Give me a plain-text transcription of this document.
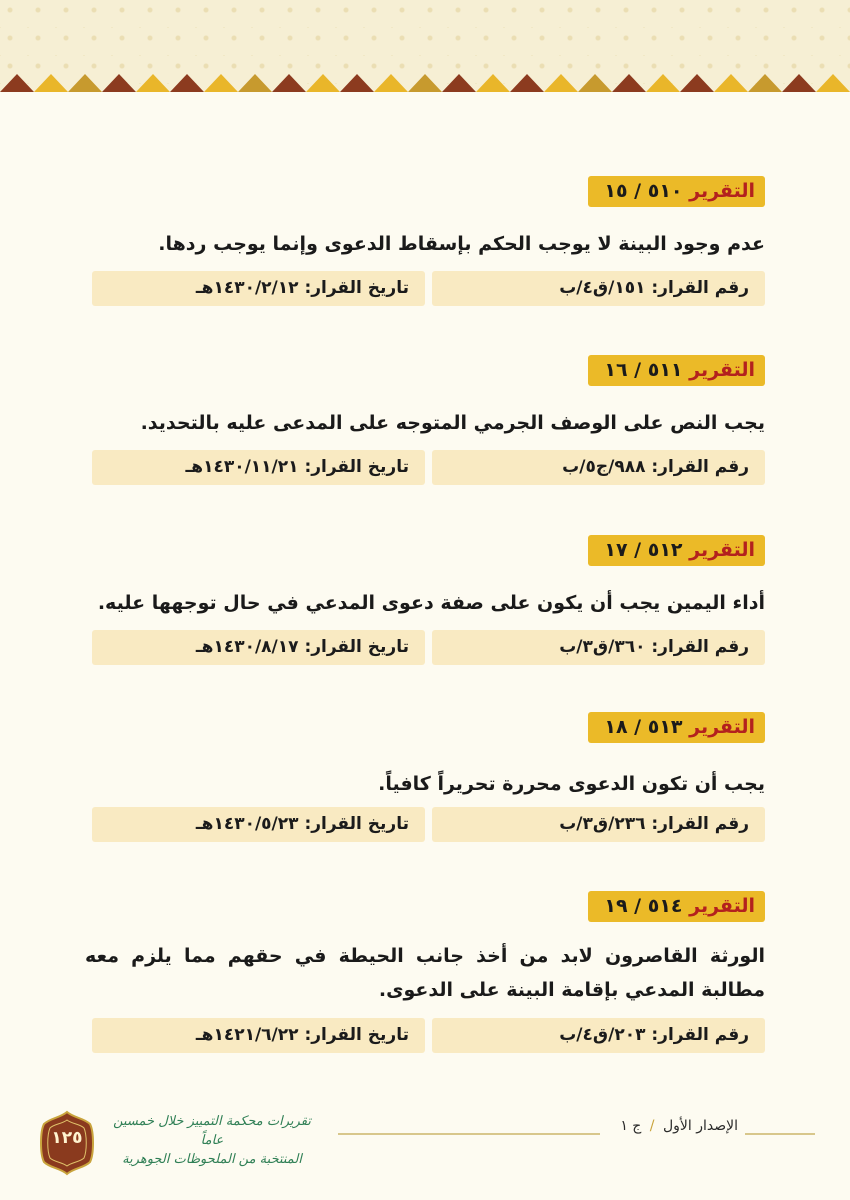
التقرير ٥١٠ / ١٥
عدم وجود البينة لا يوجب الحكم بإسقاط الدعوى وإنما يوجب ردها.
رقم القرار: ١٥١/ق٤/ب
تاريخ القرار: ١٤٣٠/٢/١٢هـ
التقرير ٥١١ / ١٦
يجب النص على الوصف الجرمي المتوجه على المدعى عليه بالتحديد.
رقم القرار: ٩٨٨/ج٥/ب
تاريخ القرار: ١٤٣٠/١١/٢١هـ
التقرير ٥١٢ / ١٧
أداء اليمين يجب أن يكون على صفة دعوى المدعي في حال توجهها عليه.
رقم القرار: ٣٦٠/ق٣/ب
تاريخ القرار: ١٤٣٠/٨/١٧هـ
التقرير ٥١٣ / ١٨
يجب أن تكون الدعوى محررة تحريراً كافياً.
رقم القرار: ٢٣٦/ق٣/ب
تاريخ القرار: ١٤٣٠/٥/٢٣هـ
التقرير ٥١٤ / ١٩
الورثة القاصرون لابد من أخذ جانب الحيطة في حقهم مما يلزم معه مطالبة المدعي بإقامة البينة على الدعوى.
رقم القرار: ٢٠٣/ق٤/ب
تاريخ القرار: ١٤٢١/٦/٢٢هـ
الإصدار الأول / ج ١
١٢٥
تقريرات محكمة التمييز خلال خمسين عاماً
المنتخبة من الملحوظات الجوهرية
